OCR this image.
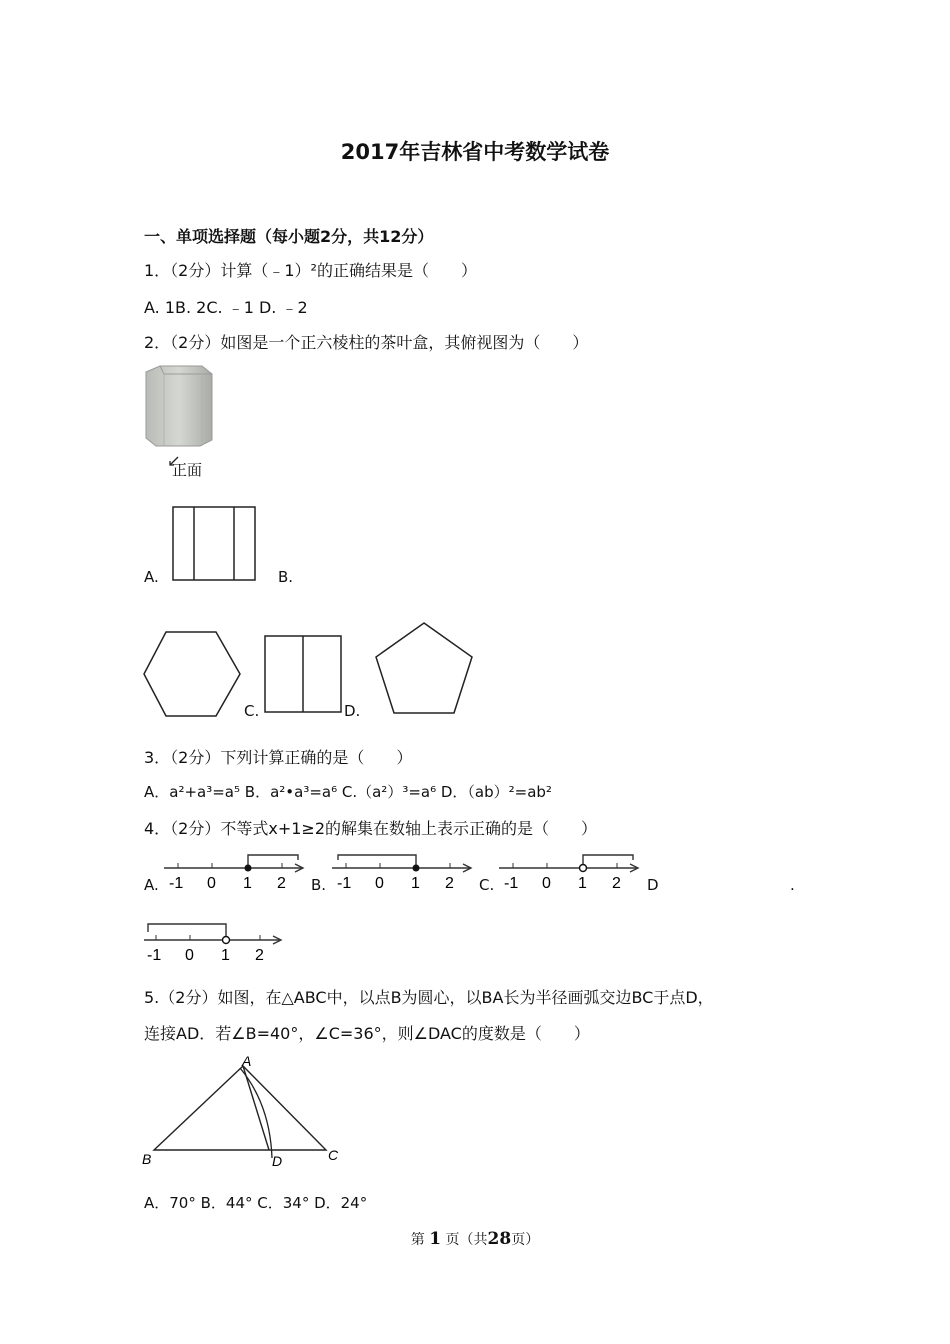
2017年吉林省中考数学试卷
一、单项选择题（每小题2分，共12分）
1．（2分）计算（﹣1）²的正确结果是（　　）
A. 1B. 2C. ﹣1 D. ﹣2
2．（2分）如图是一个正六棱柱的茶叶盒，其俯视图为（　　）
正面
A.	B.
C.	D.
3．（2分）下列计算正确的是（　　）
A．a²+a³=a⁵ B．a²•a³=a⁶ C.（a²）³=a⁶ D．（ab）²=ab²
4．（2分）不等式x+1≥2的解集在数轴上表示正确的是（　　）
A. -1 0 1 2 B. -1 0 1 2 C. -1 0 1 2 D	.
-1 0 1 2
5.（2分）如图，在△ABC中，以点B为圆心，以BA长为半径画弧交边BC于点D，
连接AD．若∠B=40°，∠C=36°，则∠DAC的度数是（　　）
A
B	C
D
A．70° B．44° C．34° D．24°
第 1 页（共28页）
